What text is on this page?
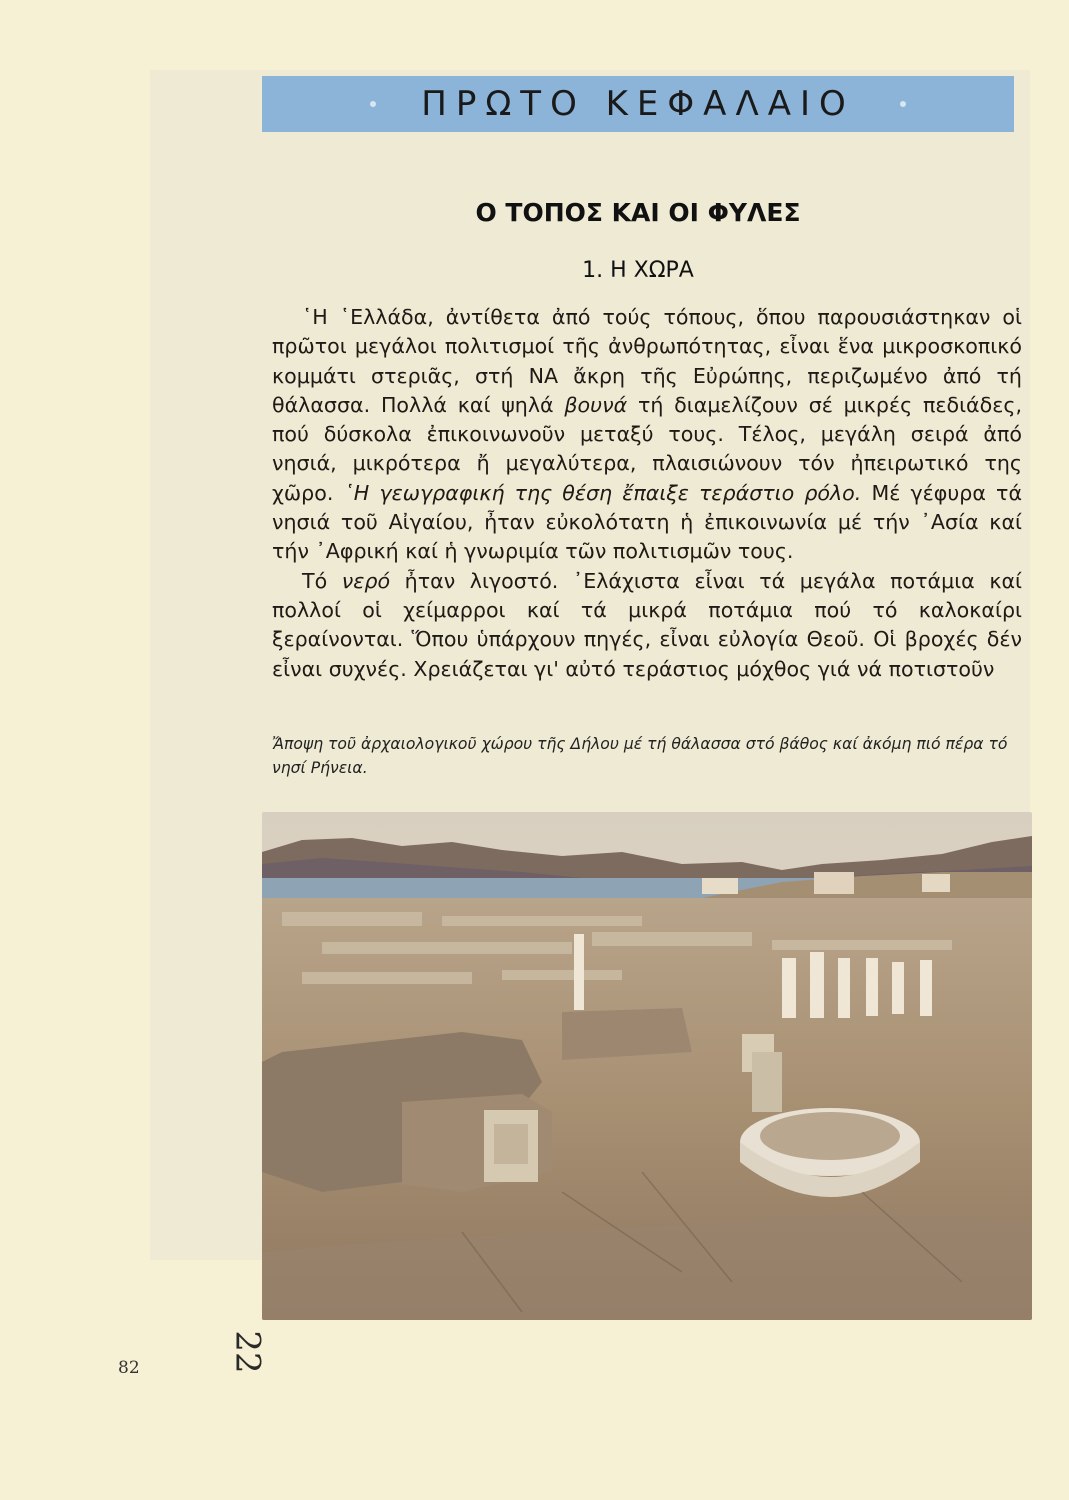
ΠΡΩΤΟ ΚΕΦΑΛΑΙΟ
Ο ΤΟΠΟΣ ΚΑΙ ΟΙ ΦΥΛΕΣ
1. Η ΧΩΡΑ

῾Η ῾Ελλάδα, ἀντίθετα ἀπό τούς τόπους, ὅπου παρουσιάστηκαν οἱ πρῶτοι μεγάλοι πολιτισμοί τῆς ἀνθρωπότητας, εἶναι ἕνα μικροσκοπικό κομμάτι στεριᾶς, στή ΝΑ ἄκρη τῆς Εὐρώπης, περιζωμένο ἀπό τή θάλασσα. Πολλά καί ψηλά βουνά τή διαμελίζουν σέ μικρές πεδιάδες, πού δύσκολα ἐπικοινωνοῦν μεταξύ τους. Τέλος, μεγάλη σειρά ἀπό νησιά, μικρότερα ἤ μεγαλύτερα, πλαισιώνουν τόν ἠπειρωτικό της χῶρο. ῾Η γεωγραφική της θέση ἔπαιξε τεράστιο ρόλο. Μέ γέφυρα τά νησιά τοῦ Αἰγαίου, ἦταν εὐκολότατη ἡ ἐπικοινωνία μέ τήν ᾿Ασία καί τήν ᾿Αφρική καί ἡ γνωριμία τῶν πολιτισμῶν τους.

Τό νερό ἦταν λιγοστό. ᾿Ελάχιστα εἶναι τά μεγάλα ποτάμια καί πολλοί οἱ χείμαρροι καί τά μικρά ποτάμια πού τό καλοκαίρι ξεραίνονται. Ὅπου ὑπάρχουν πηγές, εἶναι εὐλογία Θεοῦ. Οἱ βροχές δέν εἶναι συχνές. Χρειάζεται γι' αὐτό τεράστιος μόχθος γιά νά ποτιστοῦν

Ἄποψη τοῦ ἀρχαιολογικοῦ χώρου τῆς Δήλου μέ τή θάλασσα στό βάθος καί ἀκόμη πιό πέρα τό νησί Ρήνεια.
82	22
